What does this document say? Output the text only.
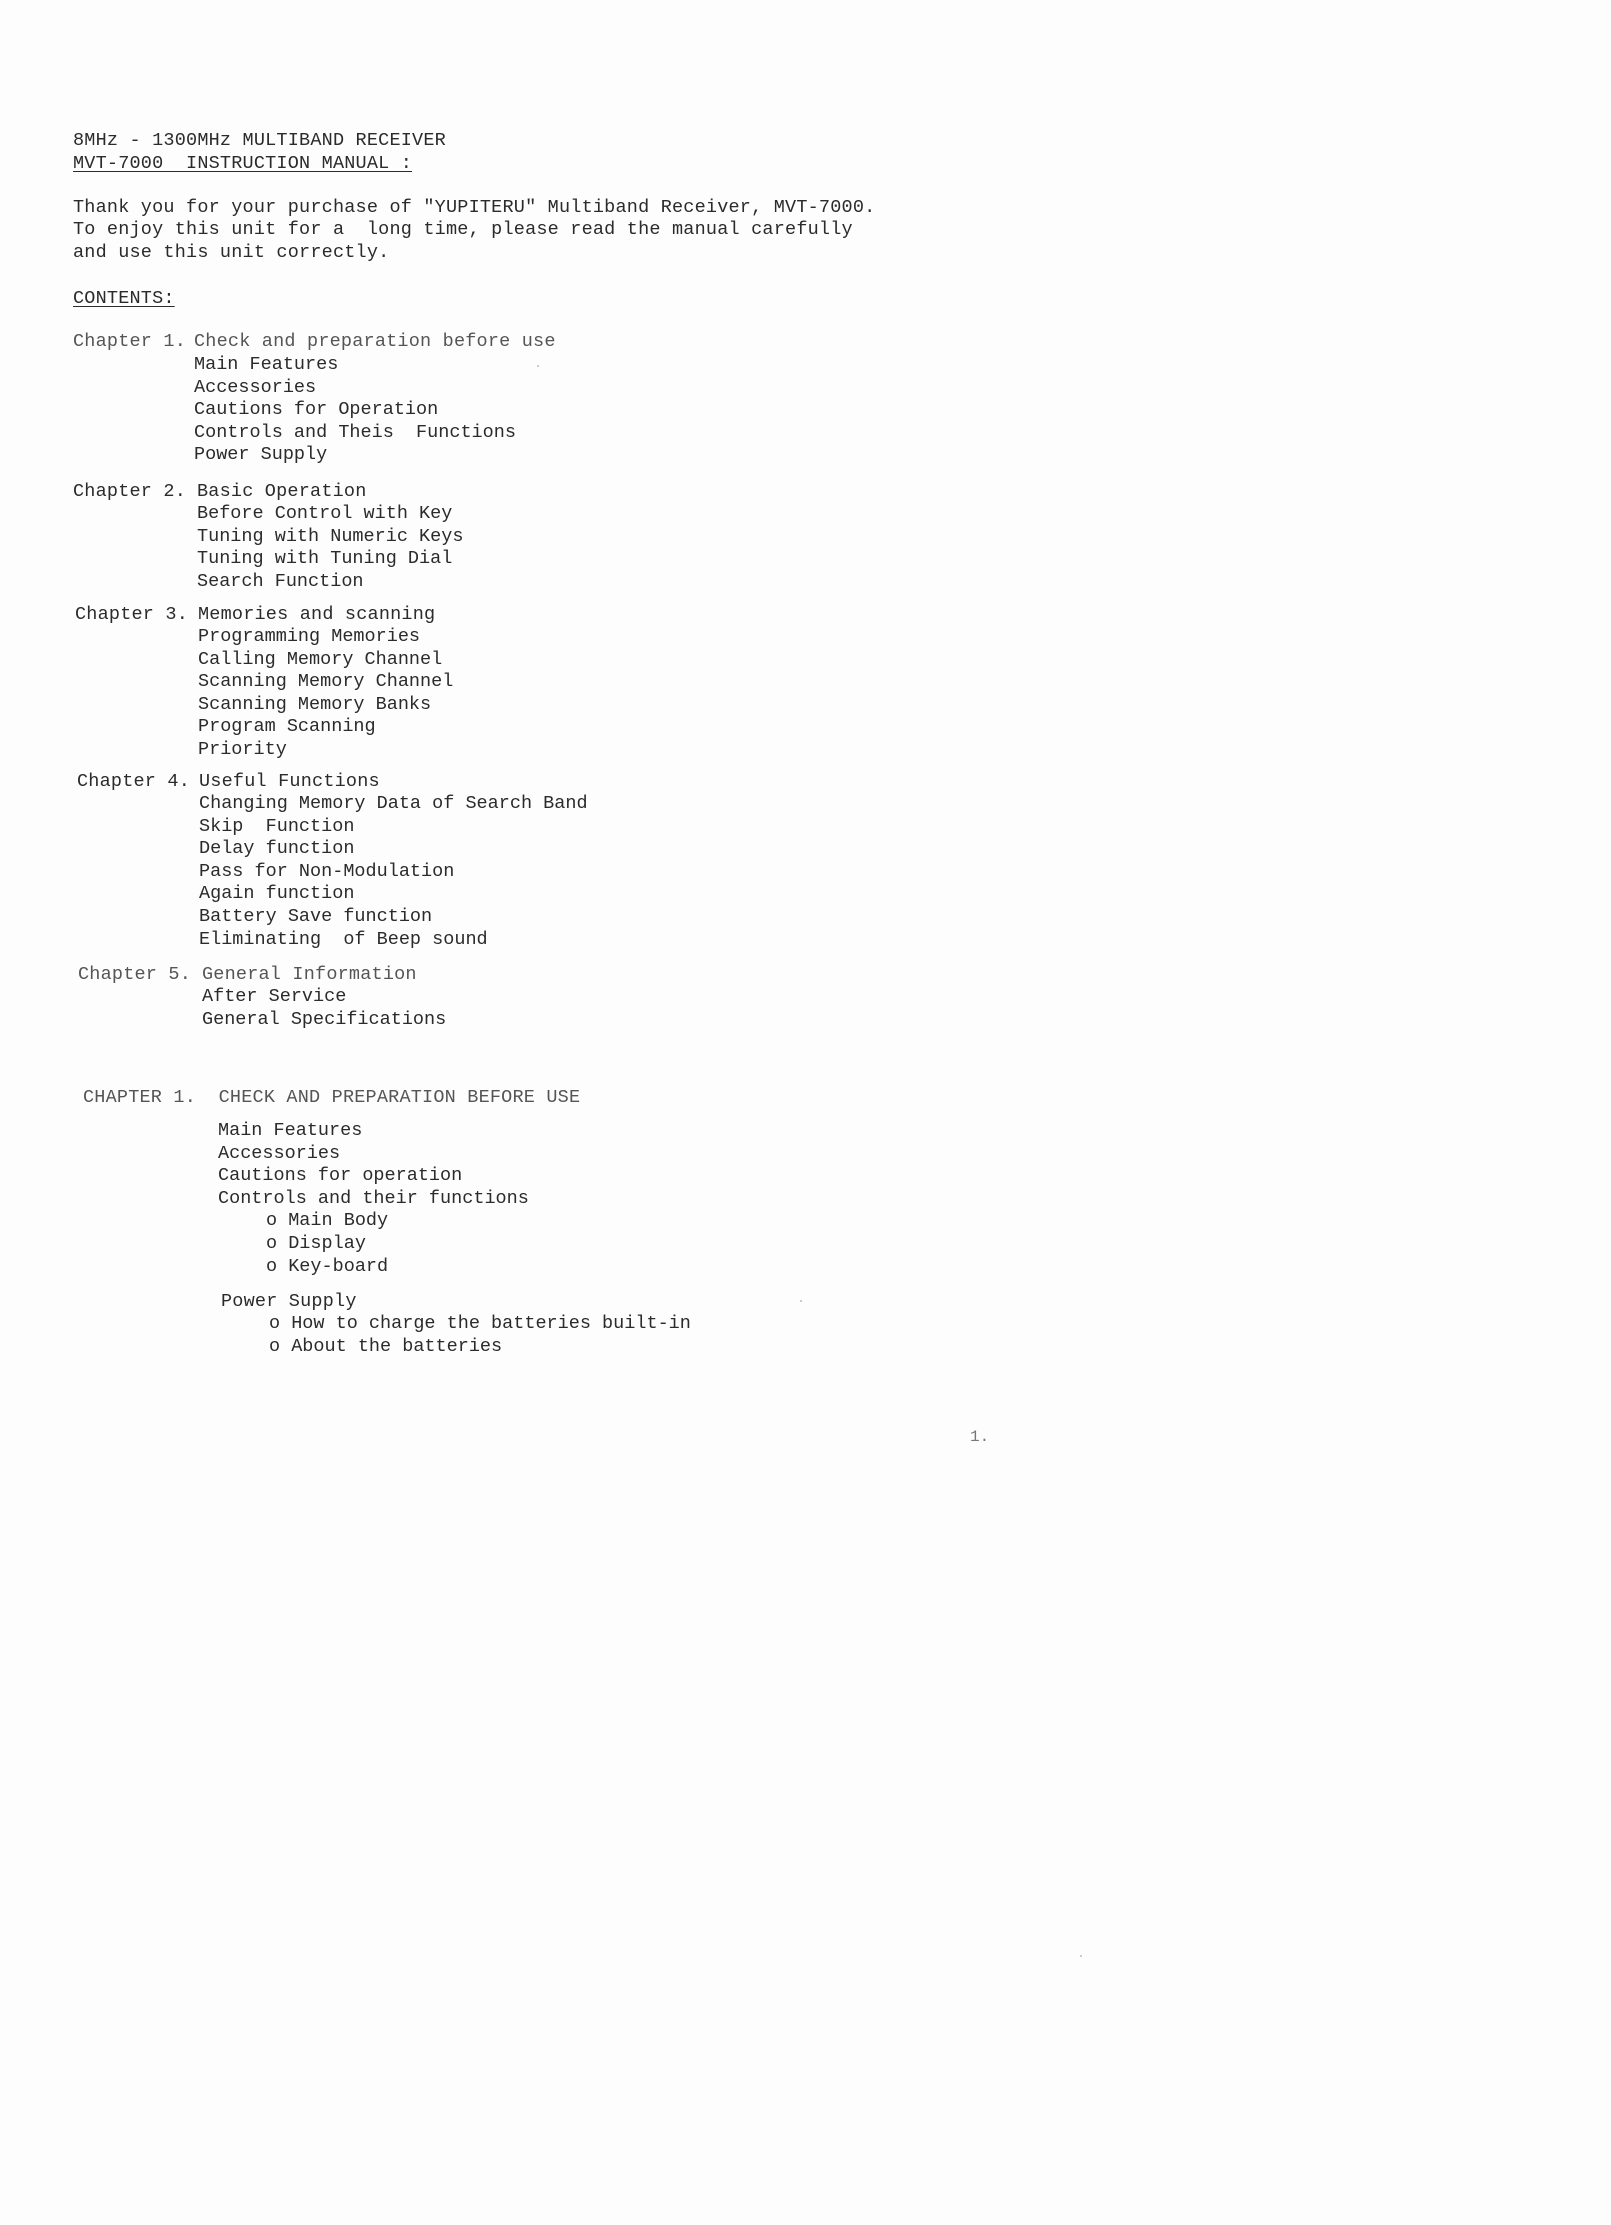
8MHz - 1300MHz MULTIBAND RECEIVER
MVT-7000  INSTRUCTION MANUAL :
Thank you for your purchase of "YUPITERU" Multiband Receiver, MVT-7000.
To enjoy this unit for a  long time, please read the manual carefully
and use this unit correctly.
CONTENTS:
Chapter 1. Check and preparation before use
Main Features
Accessories
Cautions for Operation
Controls and Theis  Functions
Power Supply
Chapter 2. Basic Operation
Before Control with Key
Tuning with Numeric Keys
Tuning with Tuning Dial
Search Function
Chapter 3. Memories and scanning
Programming Memories
Calling Memory Channel
Scanning Memory Channel
Scanning Memory Banks
Program Scanning
Priority
Chapter 4. Useful Functions
Changing Memory Data of Search Band
Skip  Function
Delay function
Pass for Non-Modulation
Again function
Battery Save function
Eliminating  of Beep sound
Chapter 5. General Information
After Service
General Specifications
CHAPTER 1.  CHECK AND PREPARATION BEFORE USE
Main Features
Accessories
Cautions for operation
Controls and their functions
o Main Body
o Display
o Key-board
Power Supply
o How to charge the batteries built-in
o About the batteries
1.
